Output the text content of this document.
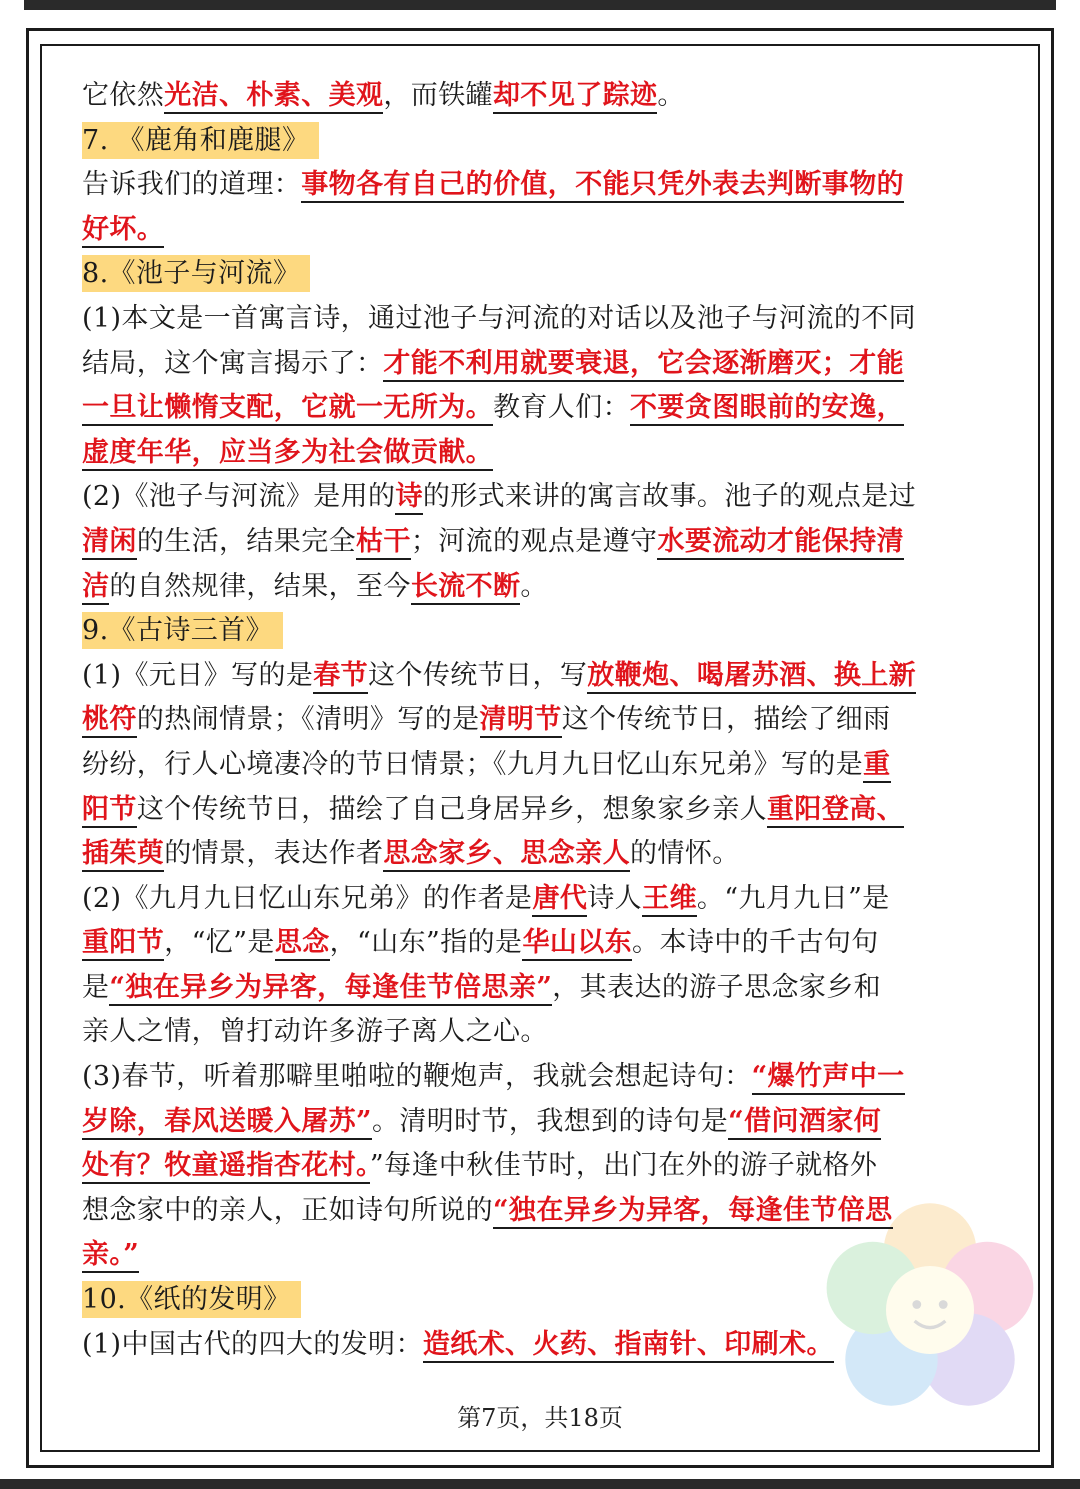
它依然光洁、朴素、美观，而铁罐却不见了踪迹。
7. 《鹿角和鹿腿》
告诉我们的道理：事物各有自己的价值，不能只凭外表去判断事物的
好坏。
8.《池子与河流》
(1)本文是一首寓言诗，通过池子与河流的对话以及池子与河流的不同
结局，这个寓言揭示了：才能不利用就要衰退，它会逐渐磨灭；才能
一旦让懒惰支配，它就一无所为。教育人们：不要贪图眼前的安逸，
虚度年华，应当多为社会做贡献。
(2)《池子与河流》是用的诗的形式来讲的寓言故事。池子的观点是过
清闲的生活，结果完全枯干；河流的观点是遵守水要流动才能保持清
洁的自然规律，结果，至今长流不断。
9.《古诗三首》
(1)《元日》写的是春节这个传统节日，写放鞭炮、喝屠苏酒、换上新
桃符的热闹情景；《清明》写的是清明节这个传统节日，描绘了细雨
纷纷，行人心境凄冷的节日情景；《九月九日忆山东兄弟》写的是重
阳节这个传统节日，描绘了自己身居异乡，想象家乡亲人重阳登高、
插茱萸的情景，表达作者思念家乡、思念亲人的情怀。
(2)《九月九日忆山东兄弟》的作者是唐代诗人王维。“九月九日”是
重阳节，“忆”是思念，“山东”指的是华山以东。本诗中的千古句句
是“独在异乡为异客，每逢佳节倍思亲”，其表达的游子思念家乡和
亲人之情，曾打动许多游子离人之心。
(3)春节，听着那噼里啪啦的鞭炮声，我就会想起诗句：“爆竹声中一
岁除，春风送暖入屠苏”。清明时节，我想到的诗句是“借问酒家何
处有？牧童遥指杏花村。”每逢中秋佳节时，出门在外的游子就格外
想念家中的亲人，正如诗句所说的“独在异乡为异客，每逢佳节倍思
亲。”
10.《纸的发明》
(1)中国古代的四大的发明：造纸术、火药、指南针、印刷术。
第7页，共18页
